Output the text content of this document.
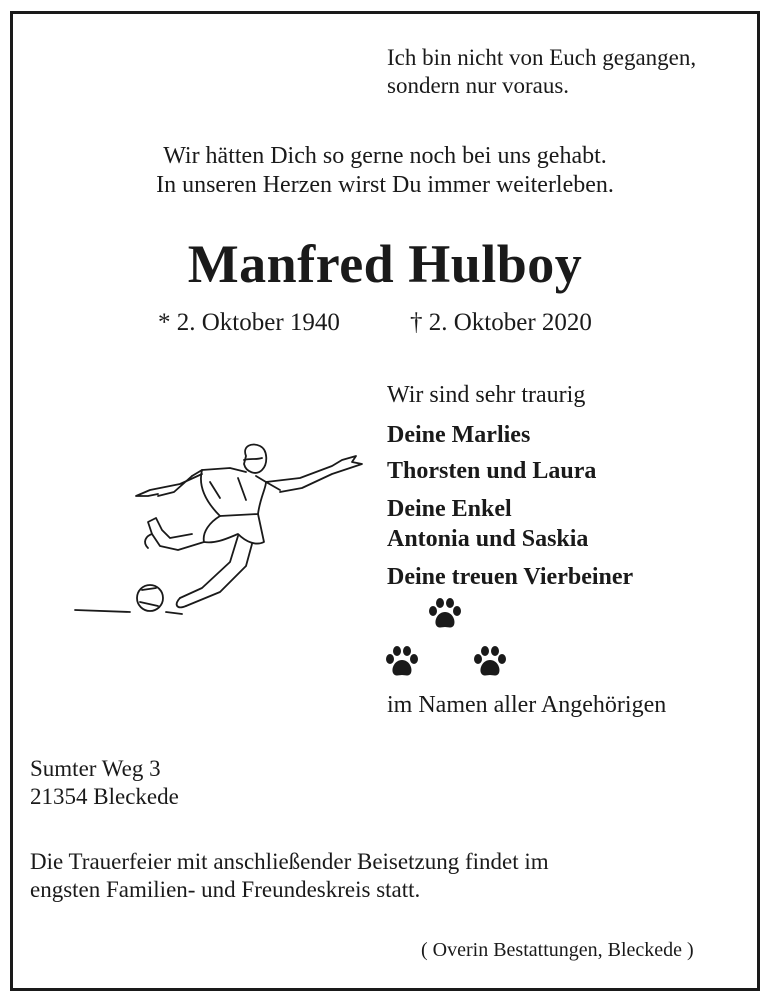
Ich bin nicht von Euch gegangen,

sondern nur voraus.

Wir hätten Dich so gerne noch bei uns gehabt.

In unseren Herzen wirst Du immer weiterleben.

Manfred Hulboy

* 2. Oktober 1940	† 2. Oktober 2020

Wir sind sehr traurig

Deine Marlies

Thorsten und Laura

Deine Enkel

Antonia und Saskia

Deine treuen Vierbeiner

im Namen aller Angehörigen

Sumter Weg 3

21354 Bleckede

Die Trauerfeier mit anschließender Beisetzung findet im

engsten Familien- und Freundeskreis statt.

( Overin Bestattungen, Bleckede )
